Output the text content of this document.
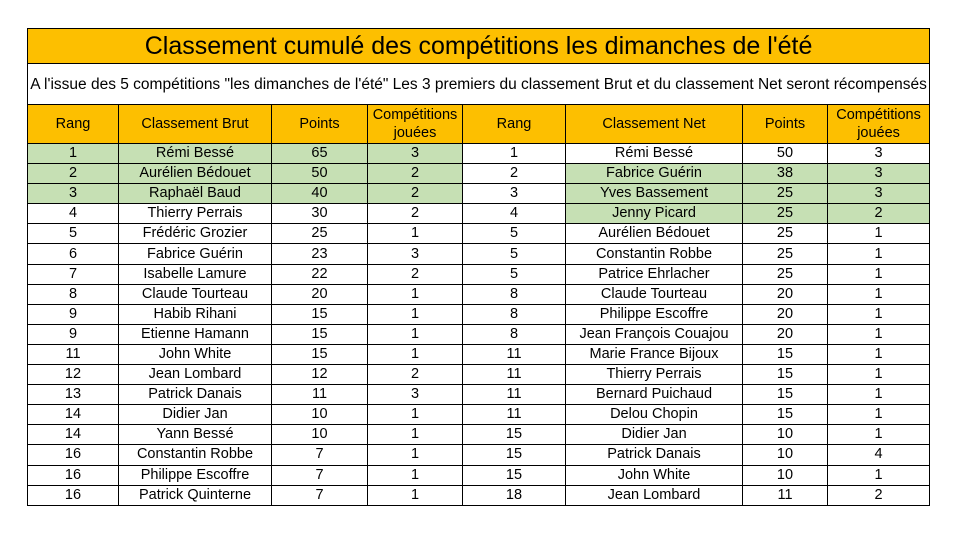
Classement cumulé des compétitions les dimanches de l'été							
A l'issue des 5 compétitions "les dimanches de l'été" Les 3 premiers du classement Brut et du classement Net seront récompensés							
Rang	Classement Brut	Points	Compétitions jouées	Rang	Classement Net	Points	Compétitions jouées
1	Rémi Bessé	65	3	1	Rémi Bessé	50	3
2	Aurélien Bédouet	50	2	2	Fabrice Guérin	38	3
3	Raphaël Baud	40	2	3	Yves Bassement	25	3
4	Thierry Perrais	30	2	4	Jenny Picard	25	2
5	Frédéric Grozier	25	1	5	Aurélien Bédouet	25	1
6	Fabrice Guérin	23	3	5	Constantin Robbe	25	1
7	Isabelle Lamure	22	2	5	Patrice Ehrlacher	25	1
8	Claude Tourteau	20	1	8	Claude Tourteau	20	1
9	Habib Rihani	15	1	8	Philippe Escoffre	20	1
9	Etienne Hamann	15	1	8	Jean François Couajou	20	1
11	John White	15	1	11	Marie France Bijoux	15	1
12	Jean Lombard	12	2	11	Thierry Perrais	15	1
13	Patrick Danais	11	3	11	Bernard Puichaud	15	1
14	Didier Jan	10	1	11	Delou Chopin	15	1
14	Yann Bessé	10	1	15	Didier Jan	10	1
16	Constantin Robbe	7	1	15	Patrick Danais	10	4
16	Philippe Escoffre	7	1	15	John White	10	1
16	Patrick Quinterne	7	1	18	Jean Lombard	11	2
